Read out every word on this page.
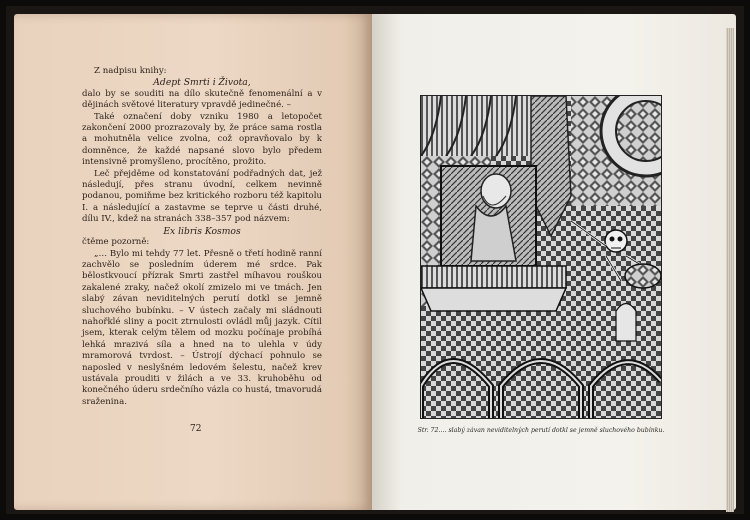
Z nadpisu knihy:

Adept Smrti i Života,

dalo by se souditi na dílo skutečně fenomenální a v dějinách světové literatury vpravdě jedinečné. –

Také označení doby vzniku 1980 a letopočet zakončení 2000 prozrazovaly by, že práce sama rostla a mohutněla velice zvolna, což opravňovalo by k domněnce, že každé napsané slovo bylo předem intensivně promyšleno, procítěno, prožito.

Leč přejděme od konstatování podřadných dat, jež následují, přes stranu úvodní, celkem nevinně podanou, pomiňme bez kritického rozboru též kapitolu I. a následující a zastavme se teprve u části druhé, dílu IV., kdež na stranách 338–357 pod názvem:

Ex libris Kosmos

čtěme pozorně:

„… Bylo mi tehdy 77 let. Přesně o třetí hodině ranní zachvělo se posledním úderem mé srdce. Pak bělostkvoucí přízrak Smrti zastřel míhavou rouškou zakalené zraky, načež okolí zmizelo mi ve tmách. Jen slabý závan neviditelných perutí dotkl se jemně sluchového bubínku. – V ústech začaly mi sládnouti nahořklé sliny a pocit ztrnulosti ovládl můj jazyk. Cítil jsem, kterak celým tělem od mozku počínaje probíhá lehká mrazivá síla a hned na to ulehla v údy mramorová tvrdost. – Ústrojí dýchací pohnulo se naposled v neslyšném ledovém šelestu, načež krev ustávala prouditi v žilách a ve 33. kruhoběhu od konečného úderu srdečního vázla co hustá, tmavorudá sraženina.

72	Str. 72…. slabý závan neviditelných perutí dotkl se jemně sluchového bubínku.
